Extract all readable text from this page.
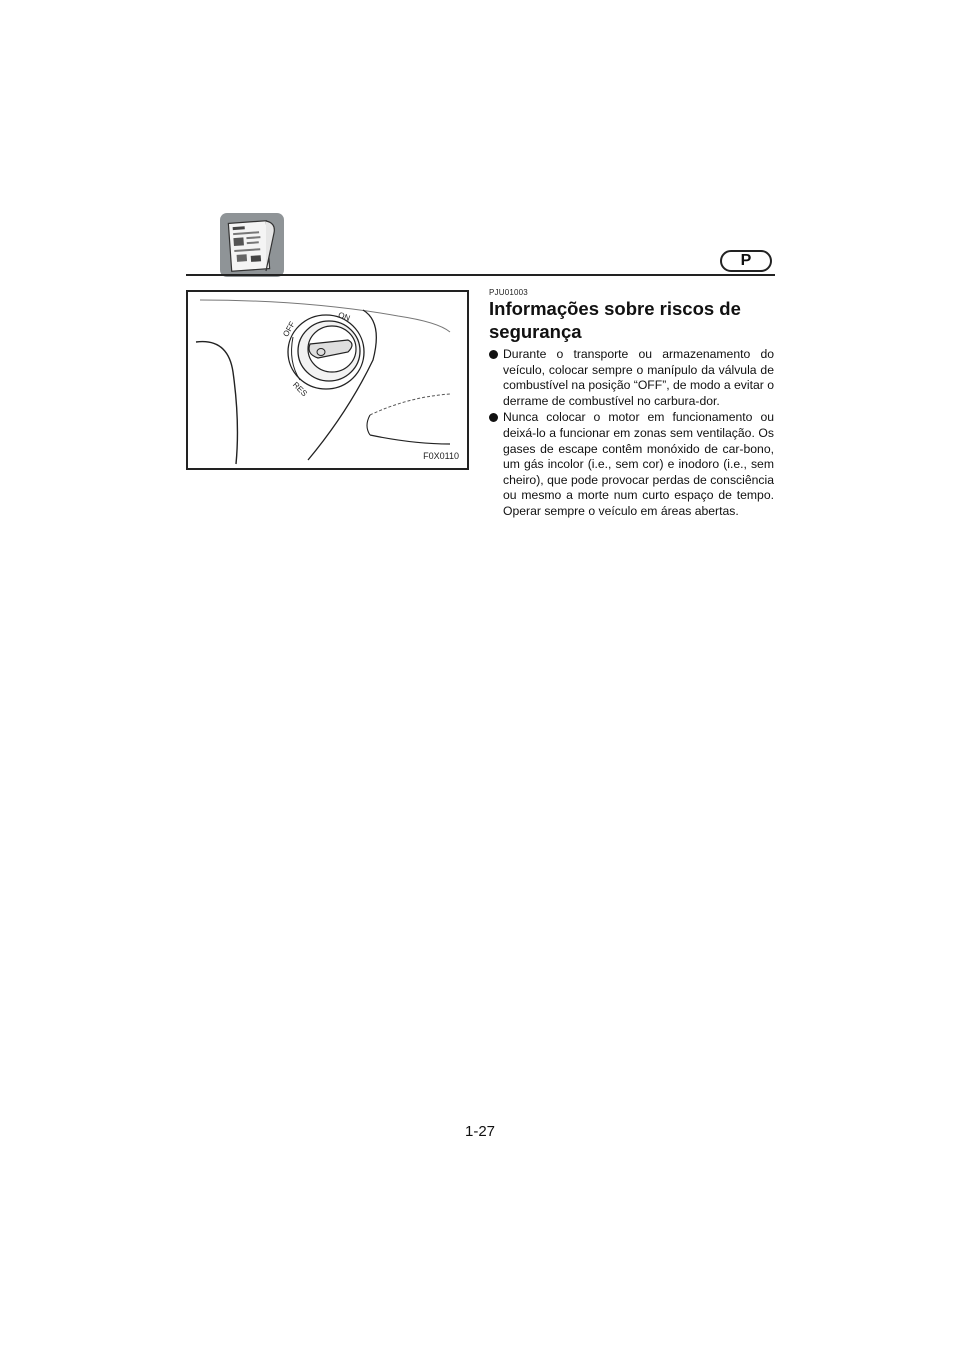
P
ON
OFF
RES
F0X0110
PJU01003
Informações sobre riscos de segurança
Durante o transporte ou armazenamento do veículo, colocar sempre o manípulo da válvula de combustível na posição “OFF”, de modo a evitar o derrame de combustível no carbura-dor.
Nunca colocar o motor em funcionamento ou deixá-lo a funcionar em zonas sem ventilação. Os gases de escape contêm monóxido de car-bono, um gás incolor (i.e., sem cor) e inodoro (i.e., sem cheiro), que pode provocar perdas de consciência ou mesmo a morte num curto espaço de tempo. Operar sempre o veículo em áreas abertas.
1-27
